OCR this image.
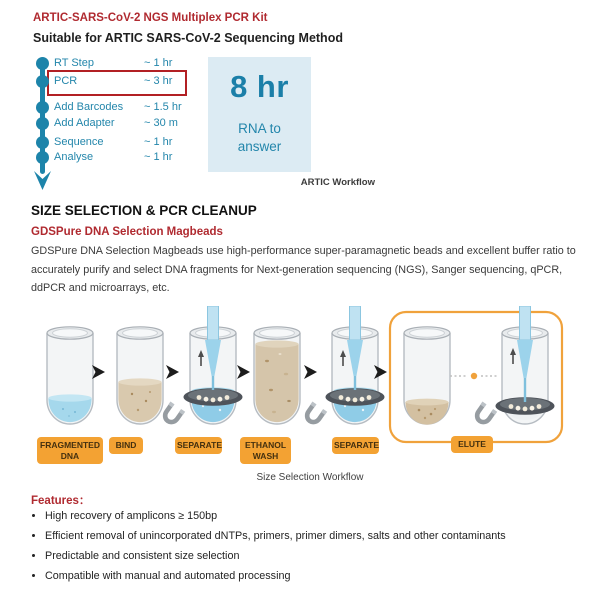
ARTIC-SARS-CoV-2 NGS Multiplex PCR Kit
Suitable for ARTIC SARS-CoV-2 Sequencing Method
RT Step	~ 1 hr
PCR	~ 3 hr
Add Barcodes ~ 1.5 hr
Add Adapter	~ 30 m
Sequence	~ 1 hr
Analyse	~ 1 hr
8 hr
RNA to
answer
ARTIC Workflow
SIZE SELECTION & PCR CLEANUP
GDSPure DNA Selection Magbeads
GDSPure DNA Selection Magbeads use high-performance super-paramagnetic beads and excellent buffer ratio to
accurately purify and select DNA fragments for Next-generation sequencing (NGS), Sanger sequencing, qPCR,
ddPCR and microarrays, etc.
FRAGMENTED DNA
BIND	SEPARATE	ETHANOL WASH
SEPARATE	ELUTE
Size Selection Workflow
Features：
• High recovery of amplicons ≥ 150bp
• Efficient removal of unincorporated dNTPs, primers, primer dimers, salts and other contaminants
• Predictable and consistent size selection
• Compatible with manual and automated processing
